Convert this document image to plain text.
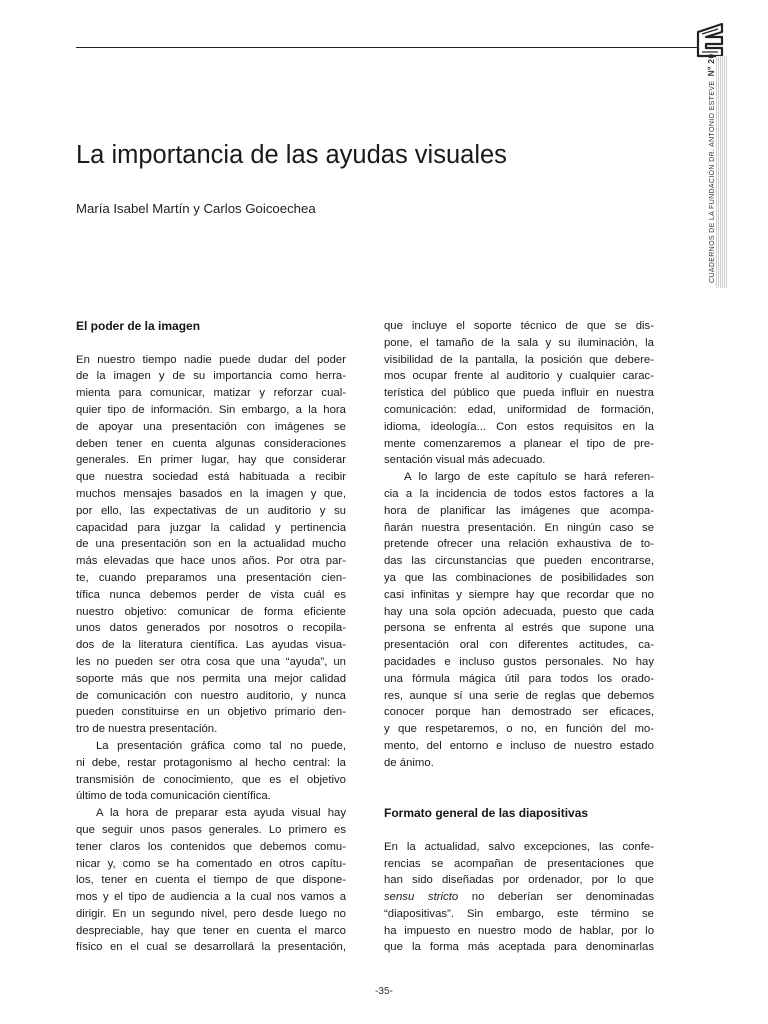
CUADERNOS DE LA FUNDACIÓN DR. ANTONIO ESTEVE Nº 20
La importancia de las ayudas visuales

María Isabel Martín y Carlos Goicoechea

El poder de la imagen
En nuestro tiempo nadie puede dudar del poder
de la imagen y de su importancia como herra-
mienta para comunicar, matizar y reforzar cual-
quier tipo de información. Sin embargo, a la hora
de apoyar una presentación con imágenes se
deben tener en cuenta algunas consideraciones
generales. En primer lugar, hay que considerar
que nuestra sociedad está habituada a recibir
muchos mensajes basados en la imagen y que,
por ello, las expectativas de un auditorio y su
capacidad para juzgar la calidad y pertinencia
de una presentación son en la actualidad mucho
más elevadas que hace unos años. Por otra par-
te, cuando preparamos una presentación cien-
tífica nunca debemos perder de vista cuál es
nuestro objetivo: comunicar de forma eficiente
unos datos generados por nosotros o recopila-
dos de la literatura científica. Las ayudas visua-
les no pueden ser otra cosa que una “ayuda”, un
soporte más que nos permita una mejor calidad
de comunicación con nuestro auditorio, y nunca
pueden constituirse en un objetivo primario den-
tro de nuestra presentación.
La presentación gráfica como tal no puede,
ni debe, restar protagonismo al hecho central: la
transmisión de conocimiento, que es el objetivo
último de toda comunicación científica.
A la hora de preparar esta ayuda visual hay
que seguir unos pasos generales. Lo primero es
tener claros los contenidos que debemos comu-
nicar y, como se ha comentado en otros capítu-
los, tener en cuenta el tiempo de que dispone-
mos y el tipo de audiencia a la cual nos vamos a
dirigir. En un segundo nivel, pero desde luego no
despreciable, hay que tener en cuenta el marco
físico en el cual se desarrollará la presentación,
que incluye el soporte técnico de que se dis-
pone, el tamaño de la sala y su iluminación, la
visibilidad de la pantalla, la posición que debere-
mos ocupar frente al auditorio y cualquier carac-
terística del público que pueda influir en nuestra
comunicación: edad, uniformidad de formación,
idioma, ideología... Con estos requisitos en la
mente comenzaremos a planear el tipo de pre-
sentación visual más adecuado.
A lo largo de este capítulo se hará referen-
cia a la incidencia de todos estos factores a la
hora de planificar las imágenes que acompa-
ñarán nuestra presentación. En ningún caso se
pretende ofrecer una relación exhaustiva de to-
das las circunstancias que pueden encontrarse,
ya que las combinaciones de posibilidades son
casi infinitas y siempre hay que recordar que no
hay una sola opción adecuada, puesto que cada
persona se enfrenta al estrés que supone una
presentación oral con diferentes actitudes, ca-
pacidades e incluso gustos personales. No hay
una fórmula mágica útil para todos los orado-
res, aunque sí una serie de reglas que debemos
conocer porque han demostrado ser eficaces,
y que respetaremos, o no, en función del mo-
mento, del entorno e incluso de nuestro estado
de ánimo.
Formato general de las diapositivas
En la actualidad, salvo excepciones, las confe-
rencias se acompañan de presentaciones que
han sido diseñadas por ordenador, por lo que
sensu stricto no deberían ser denominadas
“diapositivas”. Sin embargo, este término se
ha impuesto en nuestro modo de hablar, por lo
que la forma más aceptada para denominarlas
-35-
